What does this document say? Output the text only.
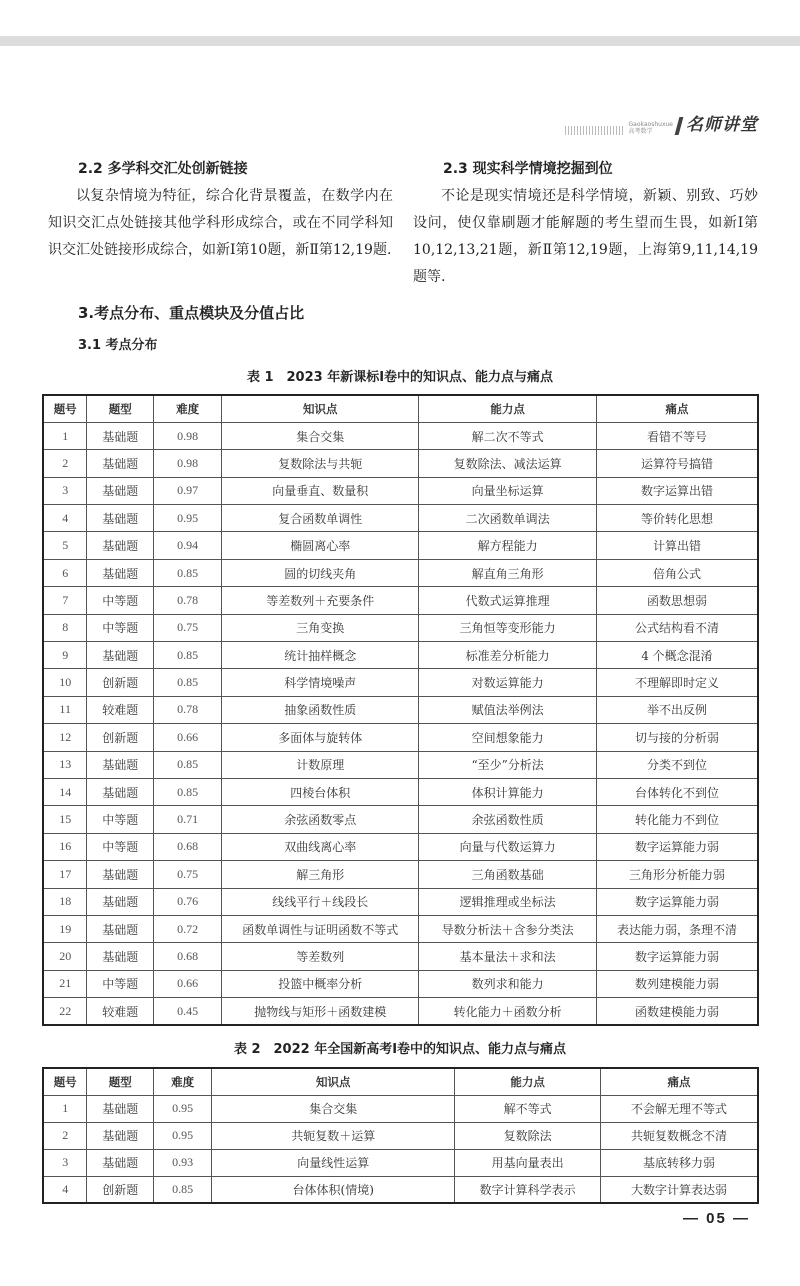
Gaokaoshuxue
高考数学	名师讲堂
2.2 多学科交汇处创新链接

以复杂情境为特征，综合化背景覆盖，在数学内在知识交汇点处链接其他学科形成综合，或在不同学科知识交汇处链接形成综合，如新Ⅰ第10题，新Ⅱ第12,19题.

2.3 现实科学情境挖掘到位

不论是现实情境还是科学情境，新颖、别致、巧妙设问，使仅靠刷题才能解题的考生望而生畏，如新Ⅰ第10,12,13,21题，新Ⅱ第12,19题，上海第9,11,14,19题等.

3.考点分布、重点模块及分值占比
3.1 考点分布
表 1　2023 年新课标Ⅰ卷中的知识点、能力点与痛点
题号	题型	难度	知识点	能力点	痛点
1	基础题	0.98	集合交集	解二次不等式	看错不等号
2	基础题	0.98	复数除法与共轭	复数除法、减法运算	运算符号搞错
3	基础题	0.97	向量垂直、数量积	向量坐标运算	数字运算出错
4	基础题	0.95	复合函数单调性	二次函数单调法	等价转化思想
5	基础题	0.94	椭圆离心率	解方程能力	计算出错
6	基础题	0.85	圆的切线夹角	解直角三角形	倍角公式
7	中等题	0.78	等差数列＋充要条件	代数式运算推理	函数思想弱
8	中等题	0.75	三角变换	三角恒等变形能力	公式结构看不清
9	基础题	0.85	统计抽样概念	标准差分析能力	4 个概念混淆
10	创新题	0.85	科学情境噪声	对数运算能力	不理解即时定义
11	较难题	0.78	抽象函数性质	赋值法举例法	举不出反例
12	创新题	0.66	多面体与旋转体	空间想象能力	切与接的分析弱
13	基础题	0.85	计数原理	“至少”分析法	分类不到位
14	基础题	0.85	四棱台体积	体积计算能力	台体转化不到位
15	中等题	0.71	余弦函数零点	余弦函数性质	转化能力不到位
16	中等题	0.68	双曲线离心率	向量与代数运算力	数字运算能力弱
17	基础题	0.75	解三角形	三角函数基础	三角形分析能力弱
18	基础题	0.76	线线平行＋线段长	逻辑推理或坐标法	数字运算能力弱
19	基础题	0.72	函数单调性与证明函数不等式	导数分析法＋含参分类法	表达能力弱，条理不清
20	基础题	0.68	等差数列	基本量法＋求和法	数字运算能力弱
21	中等题	0.66	投篮中概率分析	数列求和能力	数列建模能力弱
22	较难题	0.45	抛物线与矩形＋函数建模	转化能力＋函数分析	函数建模能力弱
表 2　2022 年全国新高考Ⅰ卷中的知识点、能力点与痛点
题号	题型	难度	知识点	能力点	痛点
1	基础题	0.95	集合交集	解不等式	不会解无理不等式
2	基础题	0.95	共轭复数＋运算	复数除法	共轭复数概念不清
3	基础题	0.93	向量线性运算	用基向量表出	基底转移力弱
4	创新题	0.85	台体体积(情境)	数字计算科学表示	大数字计算表达弱
— 05 —
